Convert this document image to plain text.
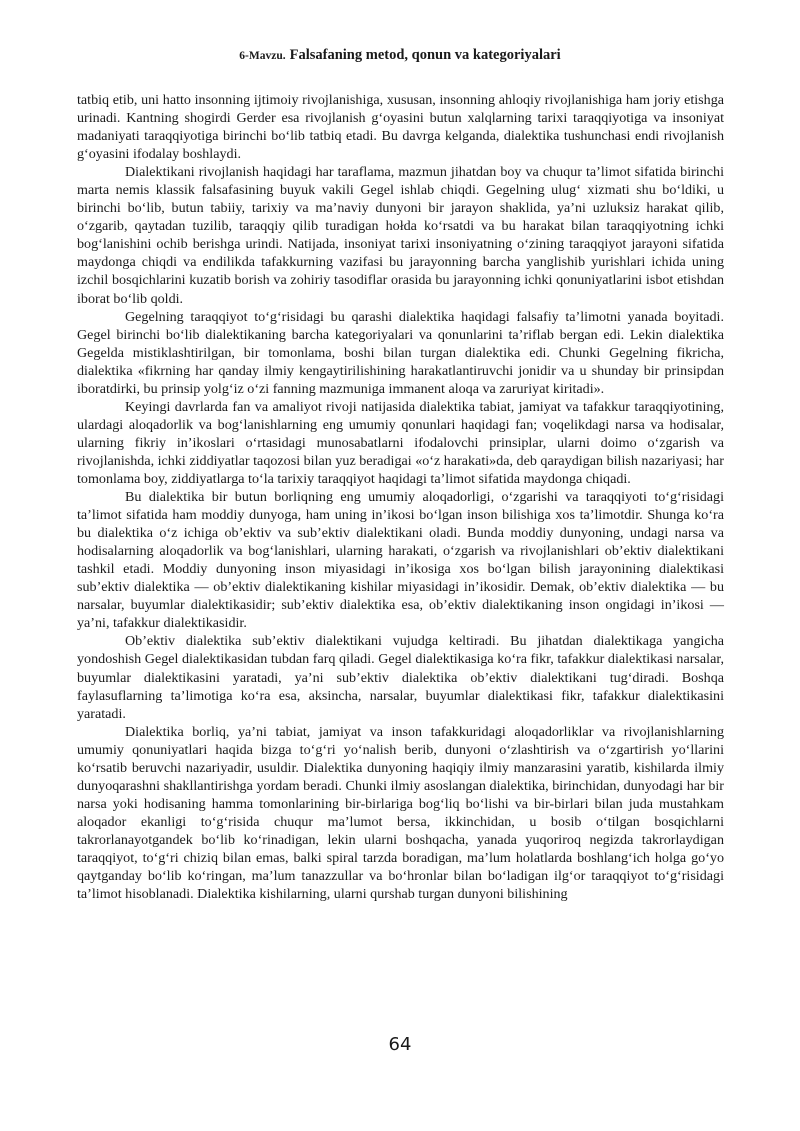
6-Mavzu. Falsafaning metod, qonun va kategoriyalari

tatbiq etib, uni hatto insonning ijtimoiy rivojlanishiga, xususan, insonning ahloqiy rivojlanishiga ham joriy etishga urinadi. Kantning shogirdi Gerder esa rivojlanish g‘oyasini butun xalqlarning tarixi taraqqiyotiga va insoniyat madaniyati taraqqiyotiga birinchi bo‘lib tatbiq etadi. Bu davrga kelganda, dialektika tushunchasi endi rivojlanish g‘oyasini ifodalay boshlaydi.

Dialektikani rivojlanish haqidagi har taraflama, mazmun jihatdan boy va chuqur ta’limot sifatida birinchi marta nemis klassik falsafasining buyuk vakili Gegel ishlab chiqdi. Gegelning ulug‘ xizmati shu bo‘ldiki, u birinchi bo‘lib, butun tabiiy, tarixiy va ma’naviy dunyoni bir jarayon shaklida, ya’ni uzluksiz harakat qilib, o‘zgarib, qaytadan tuzilib, taraqqiy qilib turadigan hołda ko‘rsatdi va bu harakat bilan taraqqiyotning ichki bog‘lanishini ochib berishga urindi. Natijada, insoniyat tarixi insoniyatning o‘zining taraqqiyot jarayoni sifatida maydonga chiqdi va endilikda tafakkurning vazifasi bu jarayonning barcha yanglishib yurishlari ichida uning izchil bosqichlarini kuzatib borish va zohiriy tasodiflar orasida bu jarayonning ichki qonuniyatlarini isbot etishdan iborat bo‘lib qoldi.

Gegelning taraqqiyot to‘g‘risidagi bu qarashi dialektika haqidagi falsafiy ta’limotni yanada boyitadi. Gegel birinchi bo‘lib dialektikaning barcha kategoriyalari va qonunlarini ta’riflab bergan edi. Lekin dialektika Gegelda mistiklashtirilgan, bir tomonlama, boshi bilan turgan dialektika edi. Chunki Gegelning fikricha, dialektika «fikrning har qanday ilmiy kengaytirilishining harakatlantiruvchi jonidir va u shunday bir prinsipdan iboratdirki, bu prinsip yolg‘iz o‘zi fanning mazmuniga immanent aloqa va zaruriyat kiritadi».

Keyingi davrlarda fan va amaliyot rivoji natijasida dialektika tabiat, jamiyat va tafakkur taraqqiyotining, ulardagi aloqadorlik va bog‘lanishlarning eng umumiy qonunlari haqidagi fan; voqelikdagi narsa va hodisalar, ularning fikriy in’ikoslari o‘rtasidagi munosabatlarni ifodalovchi prinsiplar, ularni doimo o‘zgarish va rivojlanishda, ichki ziddiyatlar taqozosi bilan yuz beradigai «o‘z harakati»da, deb qaraydigan bilish nazariyasi; har tomonlama boy, ziddiyatlarga to‘la tarixiy taraqqiyot haqidagi ta’limot sifatida maydonga chiqadi.

Bu dialektika bir butun borliqning eng umumiy aloqadorligi, o‘zgarishi va taraqqiyoti to‘g‘risidagi ta’limot sifatida ham moddiy dunyoga, ham uning in’ikosi bo‘lgan inson bilishiga xos ta’limotdir. Shunga ko‘ra bu dialektika o‘z ichiga ob’ektiv va sub’ektiv dialektikani oladi. Bunda moddiy dunyoning, undagi narsa va hodisalarning aloqadorlik va bog‘lanishlari, ularning harakati, o‘zgarish va rivojlanishlari ob’ektiv dialektikani tashkil etadi. Moddiy dunyoning inson miyasidagi in’ikosiga xos bo‘lgan bilish jarayonining dialektikasi sub’ektiv dialektika — ob’ektiv dialektikaning kishilar miyasidagi in’ikosidir. Demak, ob’ektiv dialektika — bu narsalar, buyumlar dialektikasidir; sub’ektiv dialektika esa, ob’ektiv dialektikaning inson ongidagi in’ikosi — ya’ni, tafakkur dialektikasidir.

Ob’ektiv dialektika sub’ektiv dialektikani vujudga keltiradi. Bu jihatdan dialektikaga yangicha yondoshish Gegel dialektikasidan tubdan farq qiladi. Gegel dialektikasiga ko‘ra fikr, tafakkur dialektikasi narsalar, buyumlar dialektikasini yaratadi, ya’ni sub’ektiv dialektika ob’ektiv dialektikani tug‘diradi. Boshqa faylasuflarning ta’limotiga ko‘ra esa, aksincha, narsalar, buyumlar dialektikasi fikr, tafakkur dialektikasini yaratadi.

Dialektika borliq, ya’ni tabiat, jamiyat va inson tafakkuridagi aloqadorliklar va rivojlanishlarning umumiy qonuniyatlari haqida bizga to‘g‘ri yo‘nalish berib, dunyoni o‘zlashtirish va o‘zgartirish yo‘llarini ko‘rsatib beruvchi nazariyadir, usuldir. Dialektika dunyoning haqiqiy ilmiy manzarasini yaratib, kishilarda ilmiy dunyoqarashni shakllantirishga yordam beradi. Chunki ilmiy asoslangan dialektika, birinchidan, dunyodagi har bir narsa yoki hodisaning hamma tomonlarining bir-birlariga bog‘liq bo‘lishi va bir-birlari bilan juda mustahkam aloqador ekanligi to‘g‘risida chuqur ma’lumot bersa, ikkinchidan, u bosib o‘tilgan bosqichlarni takrorlanayotgandek bo‘lib ko‘rinadigan, lekin ularni boshqacha, yanada yuqoriroq negizda takrorlaydigan taraqqiyot, to‘g‘ri chiziq bilan emas, balki spiral tarzda boradigan, ma’lum holatlarda boshlang‘ich holga go‘yo qaytganday bo‘lib ko‘ringan, ma’lum tanazzullar va bo‘hronlar bilan bo‘ladigan ilg‘or taraqqiyot to‘g‘risidagi ta’limot hisoblanadi. Dialektika kishilarning, ularni qurshab turgan dunyoni bilishining

64
